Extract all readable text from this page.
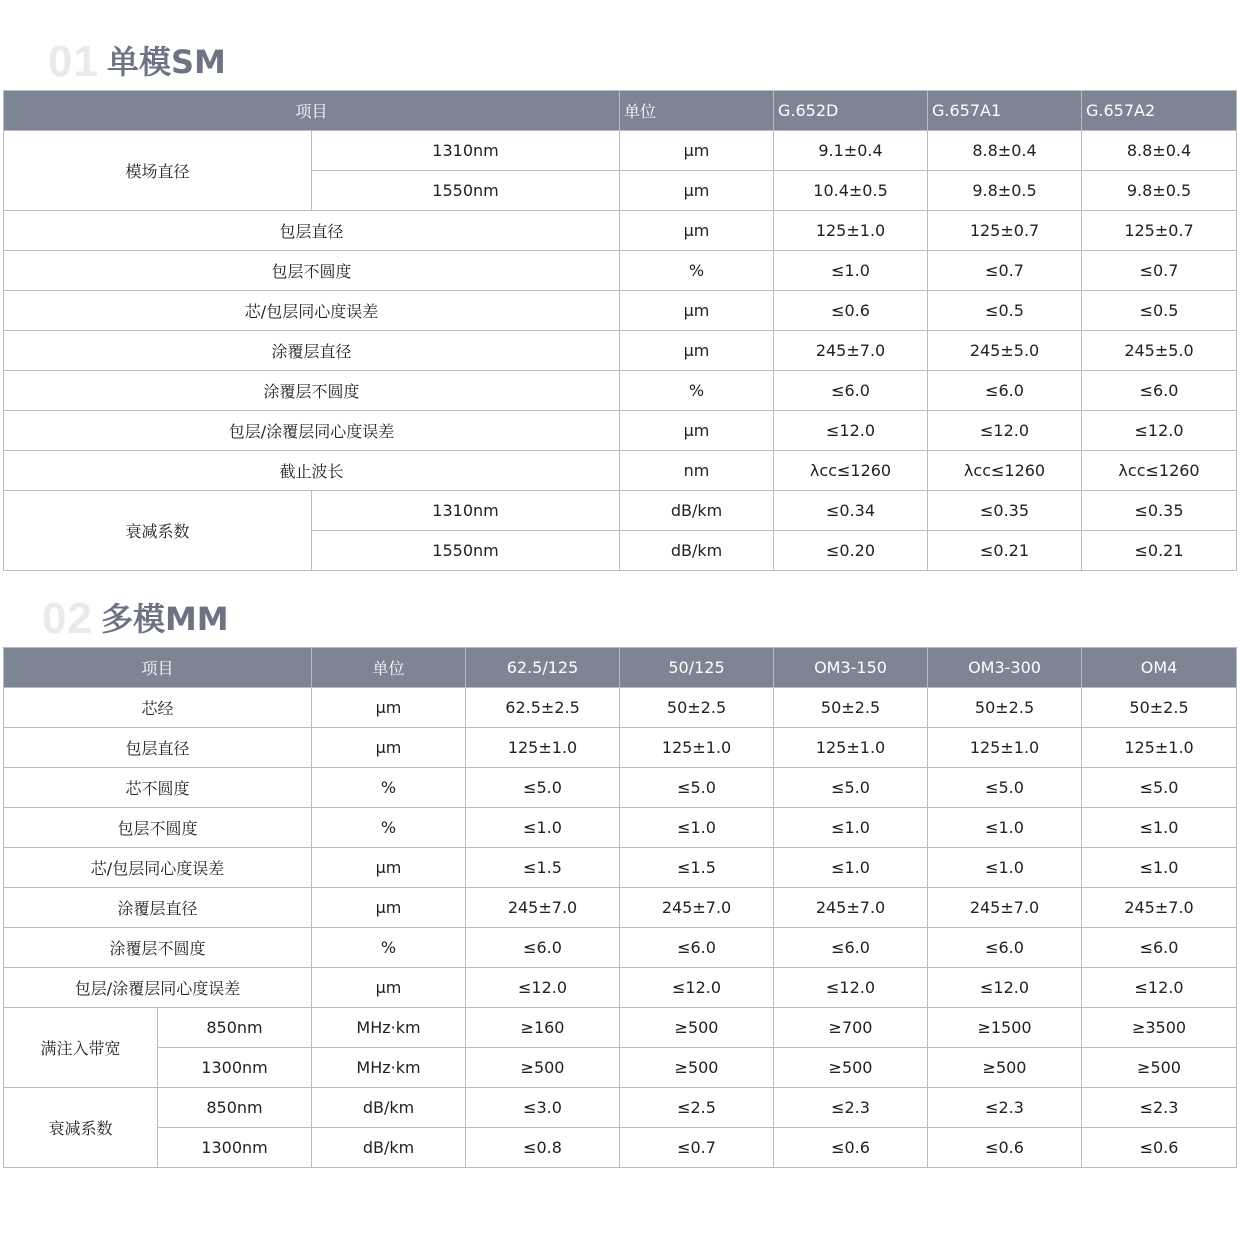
01 单模SM
项目		单位	G.652D	G.657A1	G.657A2
模场直径	1310nm	μm	9.1±0.4	8.8±0.4	8.8±0.4
	1550nm	μm	10.4±0.5	9.8±0.5	9.8±0.5
包层直径		μm	125±1.0	125±0.7	125±0.7
包层不圆度		%	≤1.0	≤0.7	≤0.7
芯/包层同心度误差		μm	≤0.6	≤0.5	≤0.5
涂覆层直径		μm	245±7.0	245±5.0	245±5.0
涂覆层不圆度		%	≤6.0	≤6.0	≤6.0
包层/涂覆层同心度误差		μm	≤12.0	≤12.0	≤12.0
截止波长		nm	λcc≤1260	λcc≤1260	λcc≤1260
衰减系数	1310nm	dB/km	≤0.34	≤0.35	≤0.35
	1550nm	dB/km	≤0.20	≤0.21	≤0.21
02 多模MM
项目		单位	62.5/125	50/125	OM3-150	OM3-300	OM4
芯经		μm	62.5±2.5	50±2.5	50±2.5	50±2.5	50±2.5
包层直径		μm	125±1.0	125±1.0	125±1.0	125±1.0	125±1.0
芯不圆度		%	≤5.0	≤5.0	≤5.0	≤5.0	≤5.0
包层不圆度		%	≤1.0	≤1.0	≤1.0	≤1.0	≤1.0
芯/包层同心度误差		μm	≤1.5	≤1.5	≤1.0	≤1.0	≤1.0
涂覆层直径		μm	245±7.0	245±7.0	245±7.0	245±7.0	245±7.0
涂覆层不圆度		%	≤6.0	≤6.0	≤6.0	≤6.0	≤6.0
包层/涂覆层同心度误差		μm	≤12.0	≤12.0	≤12.0	≤12.0	≤12.0
满注入带宽	850nm	MHz·km	≥160	≥500	≥700	≥1500	≥3500
	1300nm	MHz·km	≥500	≥500	≥500	≥500	≥500
衰减系数	850nm	dB/km	≤3.0	≤2.5	≤2.3	≤2.3	≤2.3
	1300nm	dB/km	≤0.8	≤0.7	≤0.6	≤0.6	≤0.6
